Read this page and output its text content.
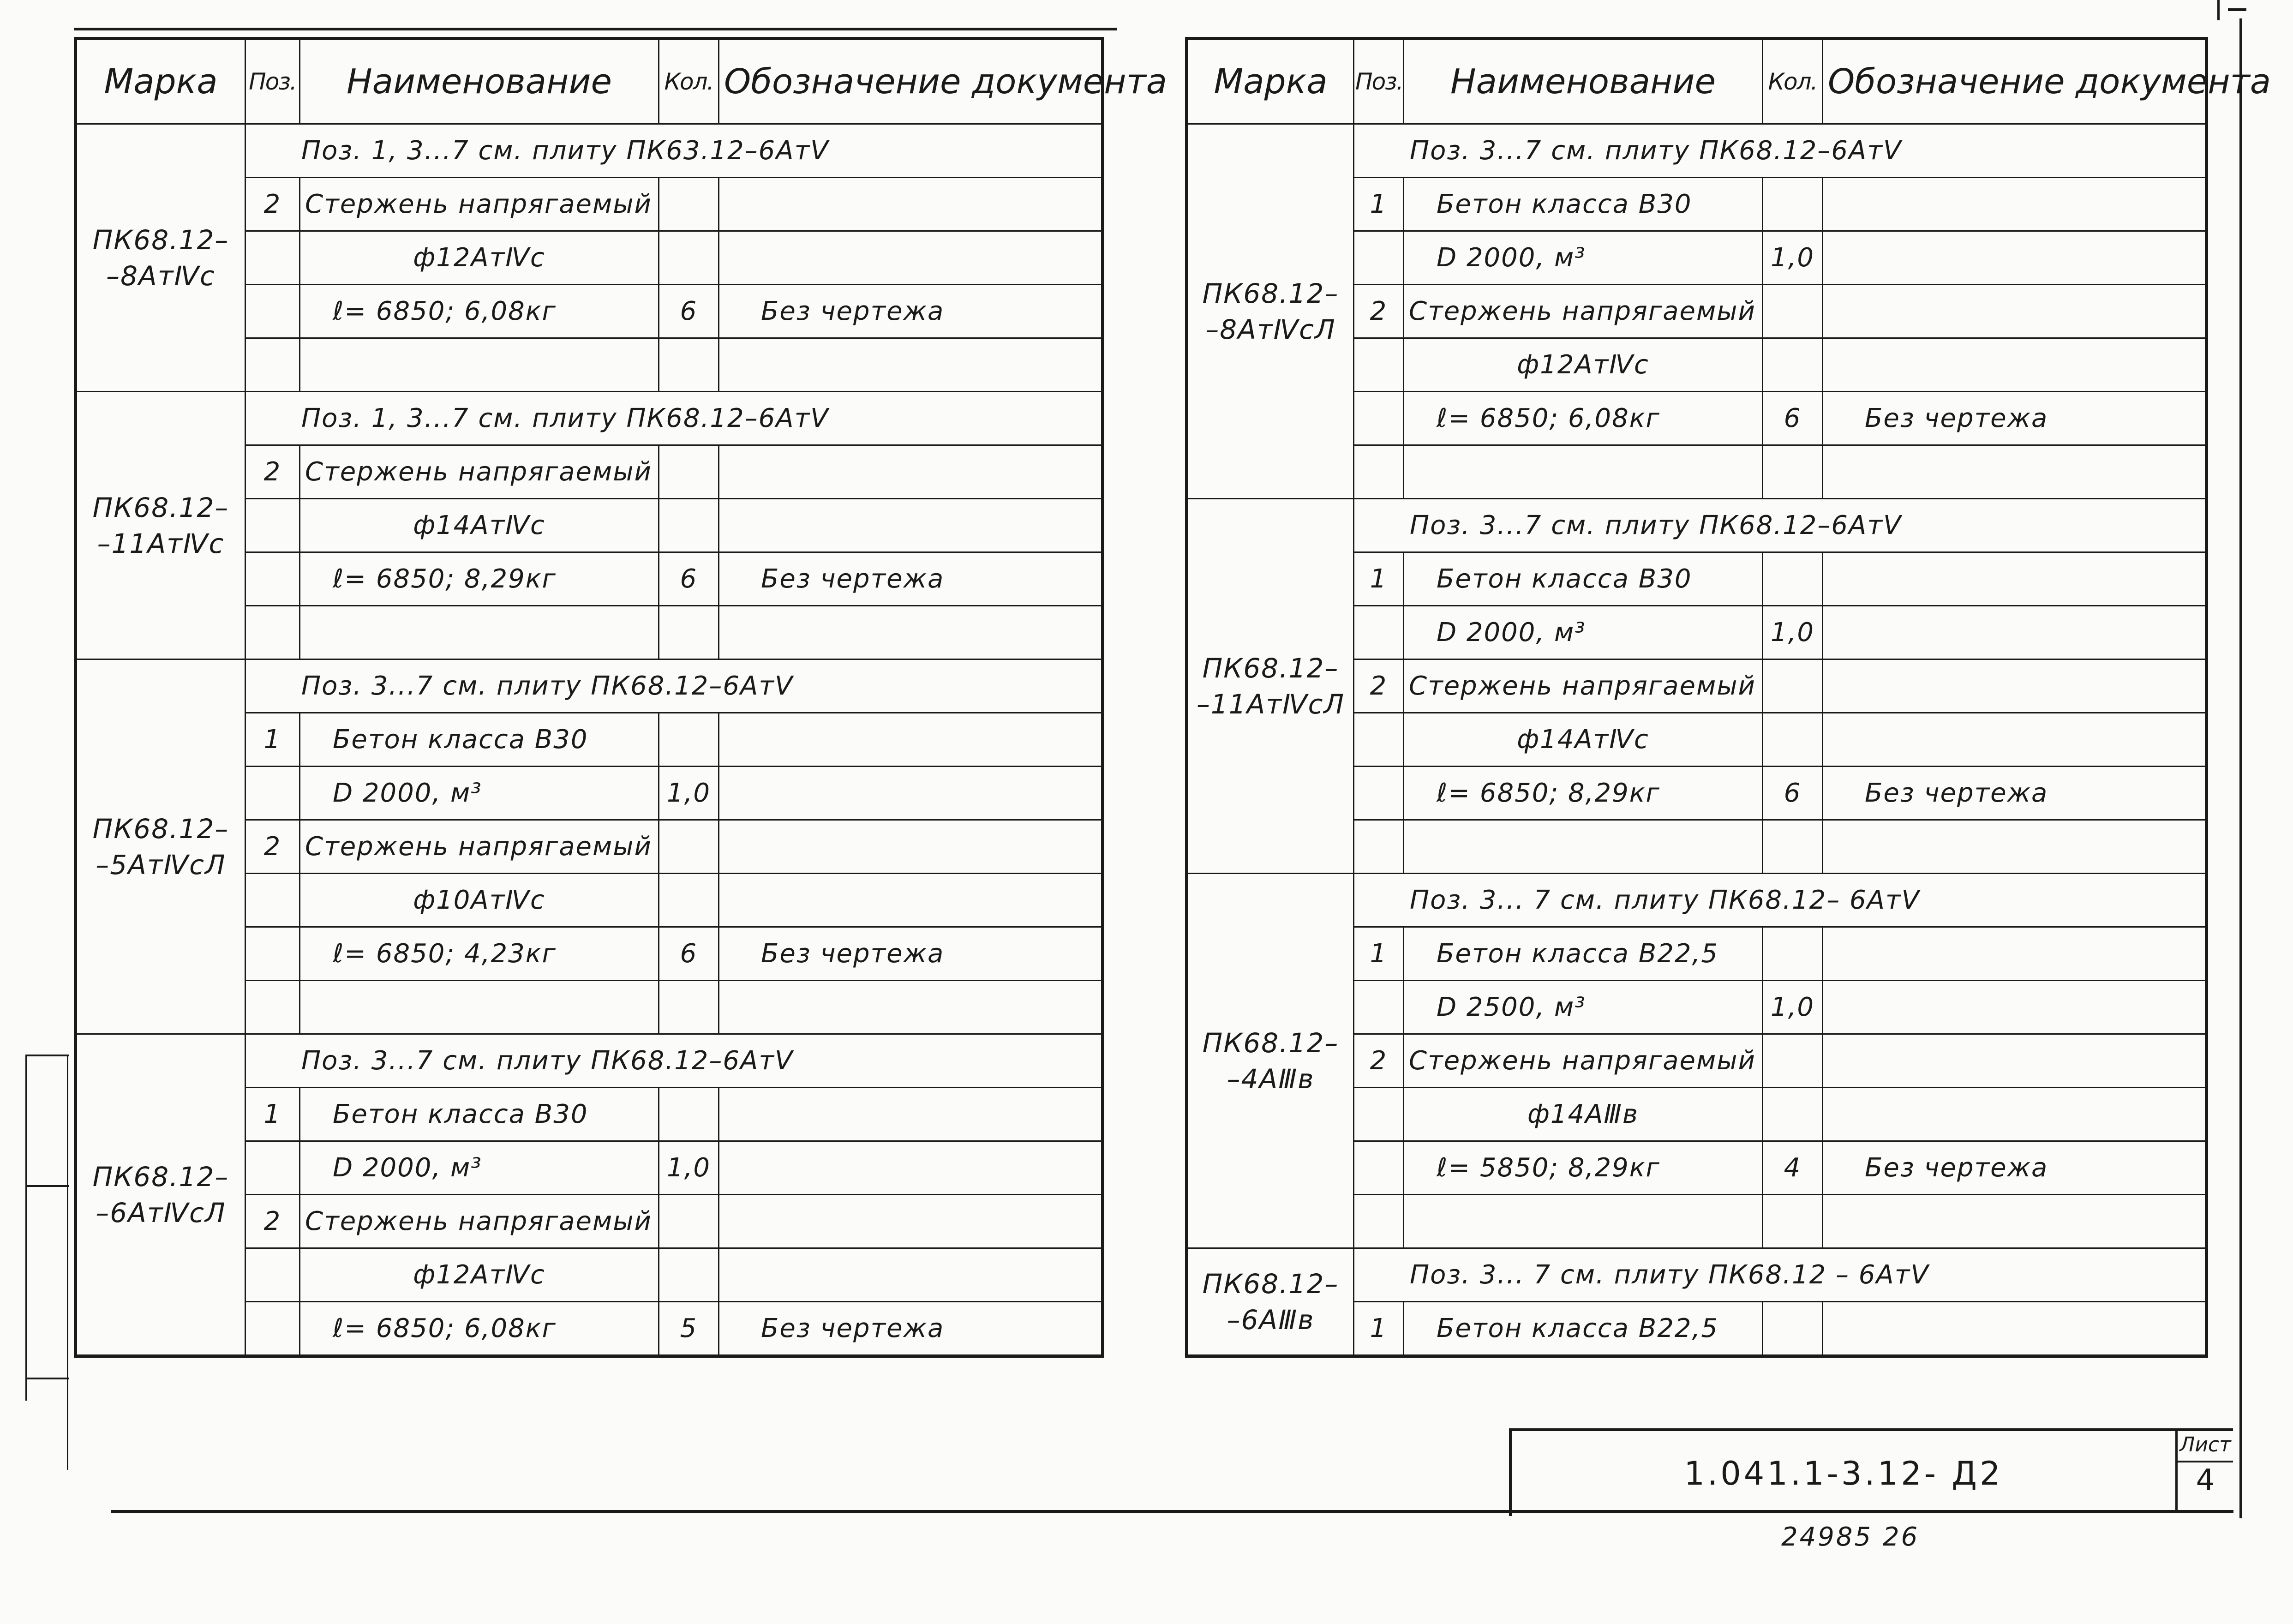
Марка	Поз.	Наименование	Кол.	Обозначение документа
ПК68.12– –8АтⅣс	Поз. 1, 3...7 см. плиту ПК63.12–6АтⅤ			
	2	Стержень напрягаемый		
		ф12АтⅣс		
		ℓ= 6850; 6,08кг	6	Без чертежа

ПК68.12– –11АтⅣс	Поз. 1, 3...7 см. плиту ПК68.12–6АтⅤ			
	2	Стержень напрягаемый		
		ф14АтⅣс		
		ℓ= 6850; 8,29кг	6	Без чертежа

ПК68.12– –5АтⅣсЛ	Поз. 3...7 см. плиту ПК68.12–6АтⅤ			
	1	Бетон класса В30		
		D 2000, м³	1,0	
	2	Стержень напрягаемый		
		ф10АтⅣс		
		ℓ= 6850; 4,23кг	6	Без чертежа

ПК68.12– –6АтⅣсЛ	Поз. 3...7 см. плиту ПК68.12–6АтⅤ			
	1	Бетон класса В30		
		D 2000, м³	1,0	
	2	Стержень напрягаемый		
		ф12АтⅣс		
		ℓ= 6850; 6,08кг	5	Без чертежа
Марка	Поз.	Наименование	Кол.	Обозначение документа
ПК68.12– –8АтⅣсЛ	Поз. 3...7 см. плиту ПК68.12–6АтⅤ			
	1	Бетон класса В30		
		D 2000, м³	1,0	
	2	Стержень напрягаемый		
		ф12АтⅣс		
		ℓ= 6850; 6,08кг	6	Без чертежа

ПК68.12– –11АтⅣсЛ	Поз. 3...7 см. плиту ПК68.12–6АтⅤ			
	1	Бетон класса В30		
		D 2000, м³	1,0	
	2	Стержень напрягаемый		
		ф14АтⅣс		
		ℓ= 6850; 8,29кг	6	Без чертежа

ПК68.12– –4АⅢв	Поз. 3... 7 см. плиту ПК68.12– 6АтⅤ			
	1	Бетон класса В22,5		
		D 2500, м³	1,0	
	2	Стержень напрягаемый		
		ф14АⅢв		
		ℓ= 5850; 8,29кг	4	Без чертежа

ПК68.12– –6АⅢв	Поз. 3... 7 см. плиту ПК68.12 – 6АтⅤ			
	1	Бетон класса В22,5		
1.041.1-3.12- Д2
Лист
4
24985 26
